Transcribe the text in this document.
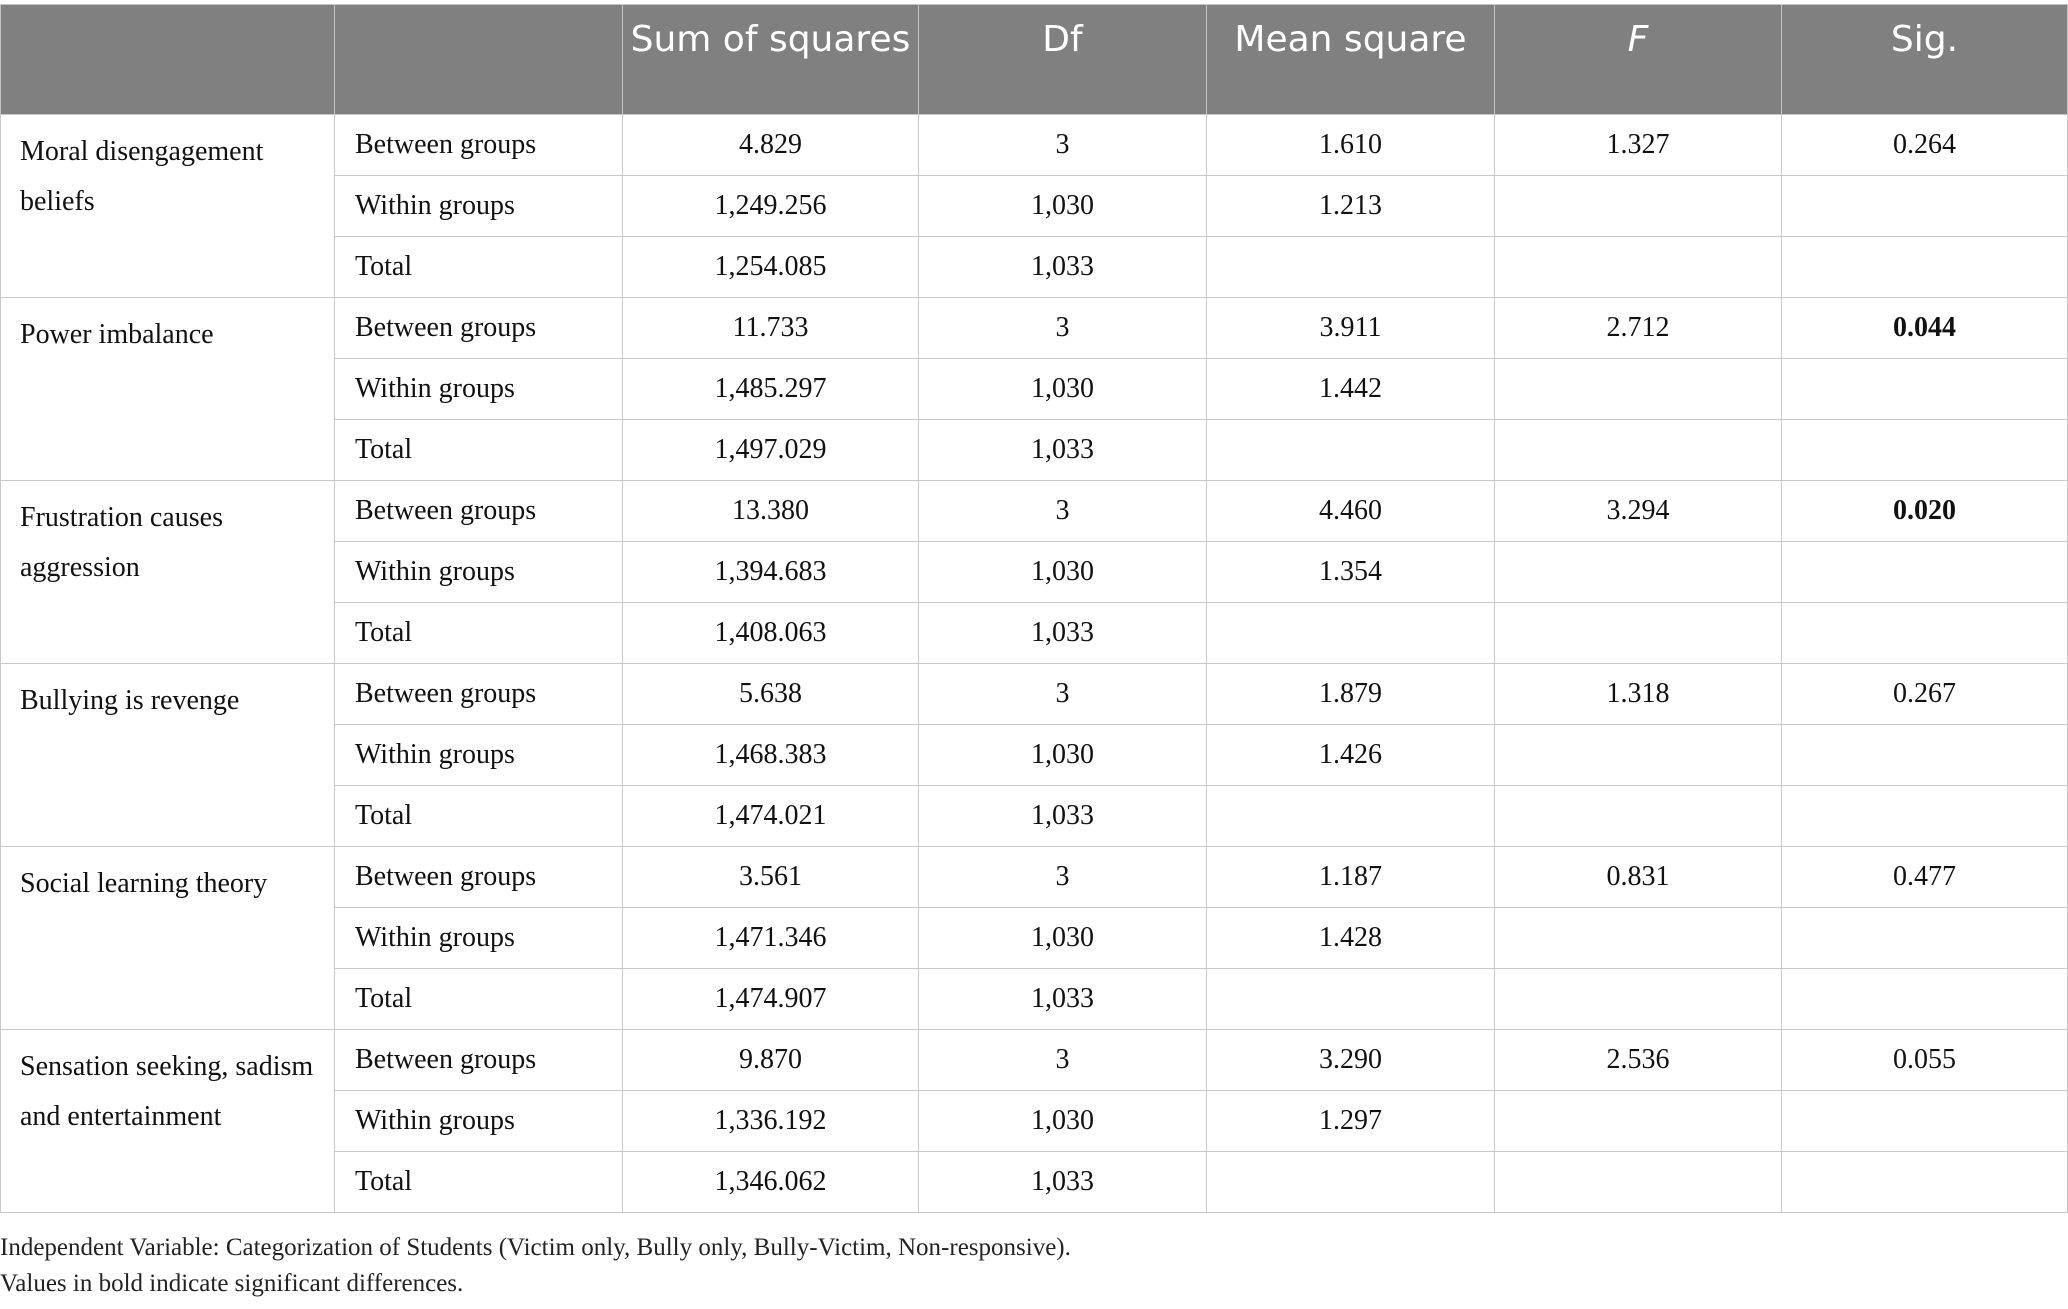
		Sum of squares	Df	Mean square	F	Sig.
Moral disengagement beliefs	Between groups	4.829	3	1.610	1.327	0.264
	Within groups	1,249.256	1,030	1.213		
	Total	1,254.085	1,033			
Power imbalance	Between groups	11.733	3	3.911	2.712	0.044
	Within groups	1,485.297	1,030	1.442		
	Total	1,497.029	1,033			
Frustration causes aggression	Between groups	13.380	3	4.460	3.294	0.020
	Within groups	1,394.683	1,030	1.354		
	Total	1,408.063	1,033			
Bullying is revenge	Between groups	5.638	3	1.879	1.318	0.267
	Within groups	1,468.383	1,030	1.426		
	Total	1,474.021	1,033			
Social learning theory	Between groups	3.561	3	1.187	0.831	0.477
	Within groups	1,471.346	1,030	1.428		
	Total	1,474.907	1,033			
Sensation seeking, sadism and entertainment	Between groups	9.870	3	3.290	2.536	0.055
	Within groups	1,336.192	1,030	1.297		
	Total	1,346.062	1,033			
Independent Variable: Categorization of Students (Victim only, Bully only, Bully-Victim, Non-responsive).
Values in bold indicate significant differences.
